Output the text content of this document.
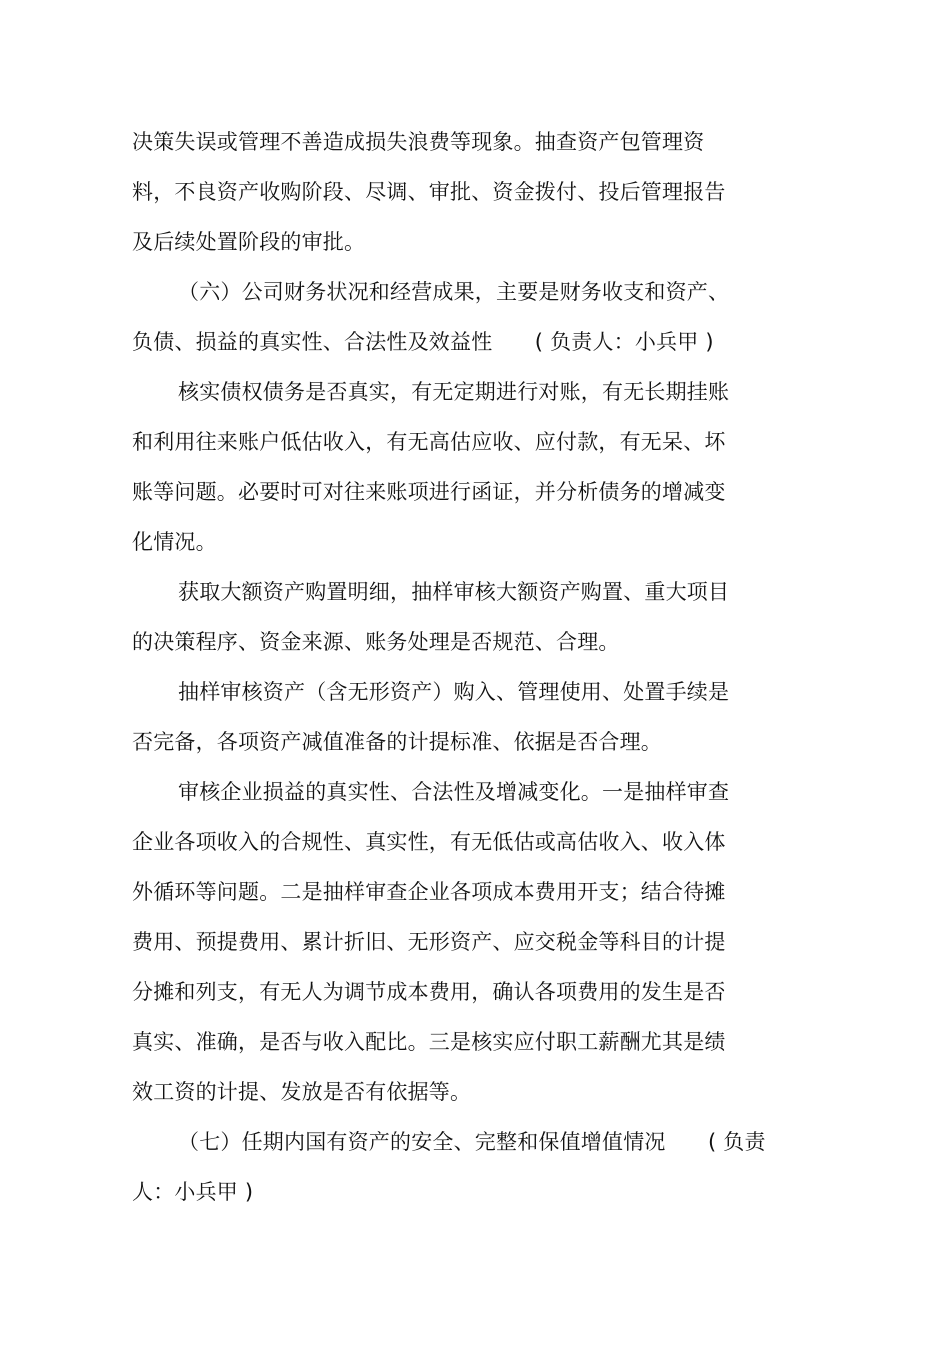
决策失误或管理不善造成损失浪费等现象。抽查资产包管理资
料，不良资产收购阶段、尽调、审批、资金拨付、投后管理报告
及后续处置阶段的审批。
（六）公司财务状况和经营成果，主要是财务收支和资产、
负债、损益的真实性、合法性及效益性　　( 负责人：小兵甲 )
核实债权债务是否真实，有无定期进行对账，有无长期挂账
和利用往来账户低估收入，有无高估应收、应付款，有无呆、坏
账等问题。必要时可对往来账项进行函证，并分析债务的增减变
化情况。
获取大额资产购置明细，抽样审核大额资产购置、重大项目
的决策程序、资金来源、账务处理是否规范、合理。
抽样审核资产（含无形资产）购入、管理使用、处置手续是
否完备，各项资产减值准备的计提标准、依据是否合理。
审核企业损益的真实性、合法性及增减变化。一是抽样审查
企业各项收入的合规性、真实性，有无低估或高估收入、收入体
外循环等问题。二是抽样审查企业各项成本费用开支；结合待摊
费用、预提费用、累计折旧、无形资产、应交税金等科目的计提
分摊和列支，有无人为调节成本费用，确认各项费用的发生是否
真实、准确，是否与收入配比。三是核实应付职工薪酬尤其是绩
效工资的计提、发放是否有依据等。
（七）任期内国有资产的安全、完整和保值增值情况　　( 负责
人：小兵甲 )
